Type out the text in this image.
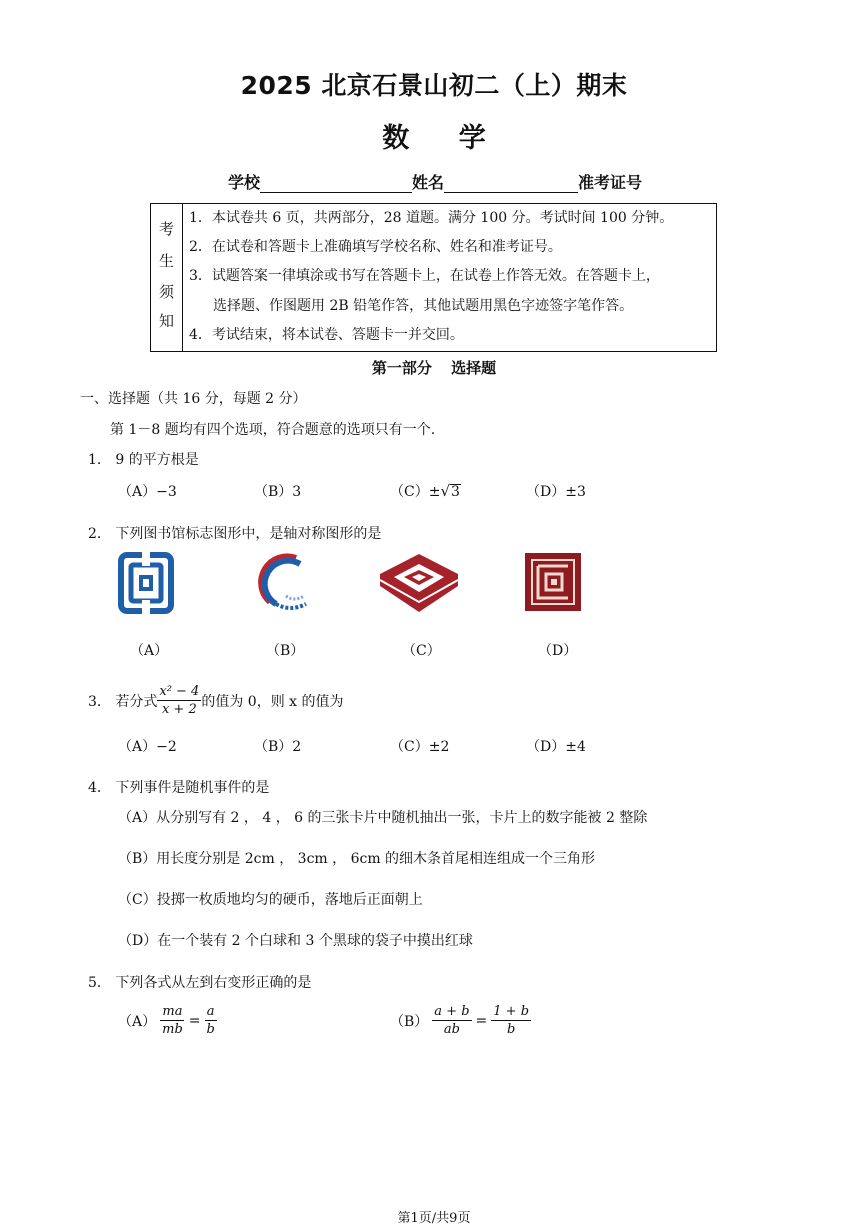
2025 北京石景山初二（上）期末
数 学
学校	姓名	准考证号
考
生
须
知
1．本试卷共 6 页，共两部分，28 道题。满分 100 分。考试时间 100 分钟。
2．在试卷和答题卡上准确填写学校名称、姓名和准考证号。
3．试题答案一律填涂或书写在答题卡上，在试卷上作答无效。在答题卡上，
选择题、作图题用 2B 铅笔作答，其他试题用黑色字迹签字笔作答。
4．考试结束，将本试卷、答题卡一并交回。
第一部分 选择题
一、选择题（共 16 分，每题 2 分）
第 1－8 题均有四个选项，符合题意的选项只有一个.
1． 9 的平方根是
（A）−3	（B）3	（C）±√3	（D）±3
2． 下列图书馆标志图形中，是轴对称图形的是
（A）	（B）	（C）	（D）
3． 若分式 $\frac{\text{x² − 4}}{x + 2}$ 的值为 0，则 x 的值为
（A）−2	（B）2	（C）±2	（D）±4
4． 下列事件是随机事件的是
（A）从分别写有 2 ， 4 ， 6 的三张卡片中随机抽出一张，卡片上的数字能被 2 整除
（B）用长度分别是 2cm ， 3cm ， 6cm 的细木条首尾相连组成一个三角形
（C）投掷一枚质地均匀的硬币，落地后正面朝上
（D）在一个装有 2 个白球和 3 个黑球的袋子中摸出红球
5． 下列各式从左到右变形正确的是
$(A) \frac{ma}{mb} = \frac{a}{b}$	$(B) \frac{a + b}{ab} = \frac{1 + b}{b}$
第1页/共9页
